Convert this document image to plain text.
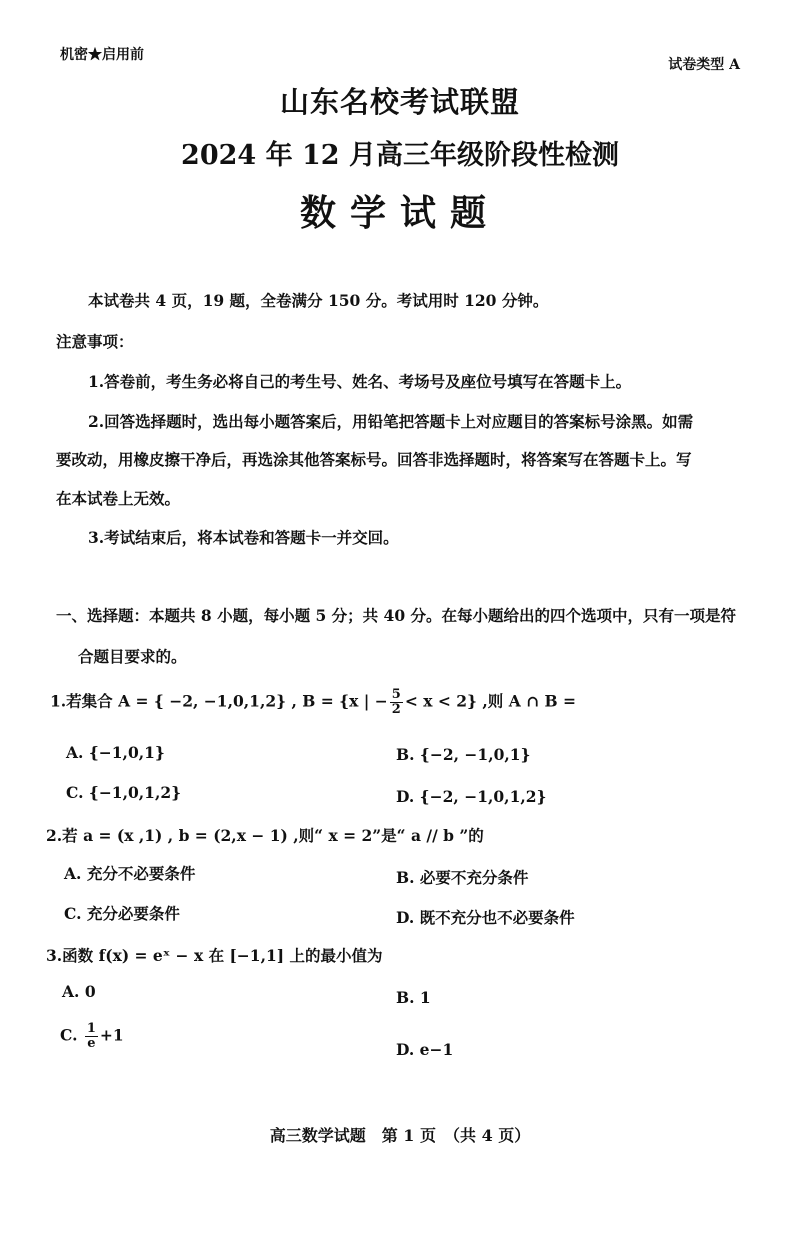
机密★启用前
试卷类型 A
山东名校考试联盟
2024 年 12 月高三年级阶段性检测
数学试题
本试卷共 4 页，19 题，全卷满分 150 分。考试用时 120 分钟。
注意事项：
1.答卷前，考生务必将自己的考生号、姓名、考场号及座位号填写在答题卡上。
2.回答选择题时，选出每小题答案后，用铅笔把答题卡上对应题目的答案标号涂黑。如需
要改动，用橡皮擦干净后，再选涂其他答案标号。回答非选择题时，将答案写在答题卡上。写
在本试卷上无效。
3.考试结束后，将本试卷和答题卡一并交回。
一、选择题：本题共 8 小题，每小题 5 分；共 40 分。在每小题给出的四个选项中，只有一项是符
合题目要求的。
1.若集合 A = { −2, −1,0,1,2} , B = {x | − $\frac{5}{2} < x < 2$} ,则 A ∩ B =
A. {−1,0,1}	B. {−2, −1,0,1}
C. {−1,0,1,2}	D. {−2, −1,0,1,2}
2.若 a = (x ,1) , b = (2,x − 1) ,则“ x = 2”是“ a // b ”的
A. 充分不必要条件	B. 必要不充分条件
C. 充分必要条件	D. 既不充分也不必要条件
3.函数 f(x) = eˣ − x 在 [−1,1] 上的最小值为
A. 0	B. 1
C. $\frac{1}{e} +1$
D. e−1
高三数学试题　第 1 页　（共 4 页）
